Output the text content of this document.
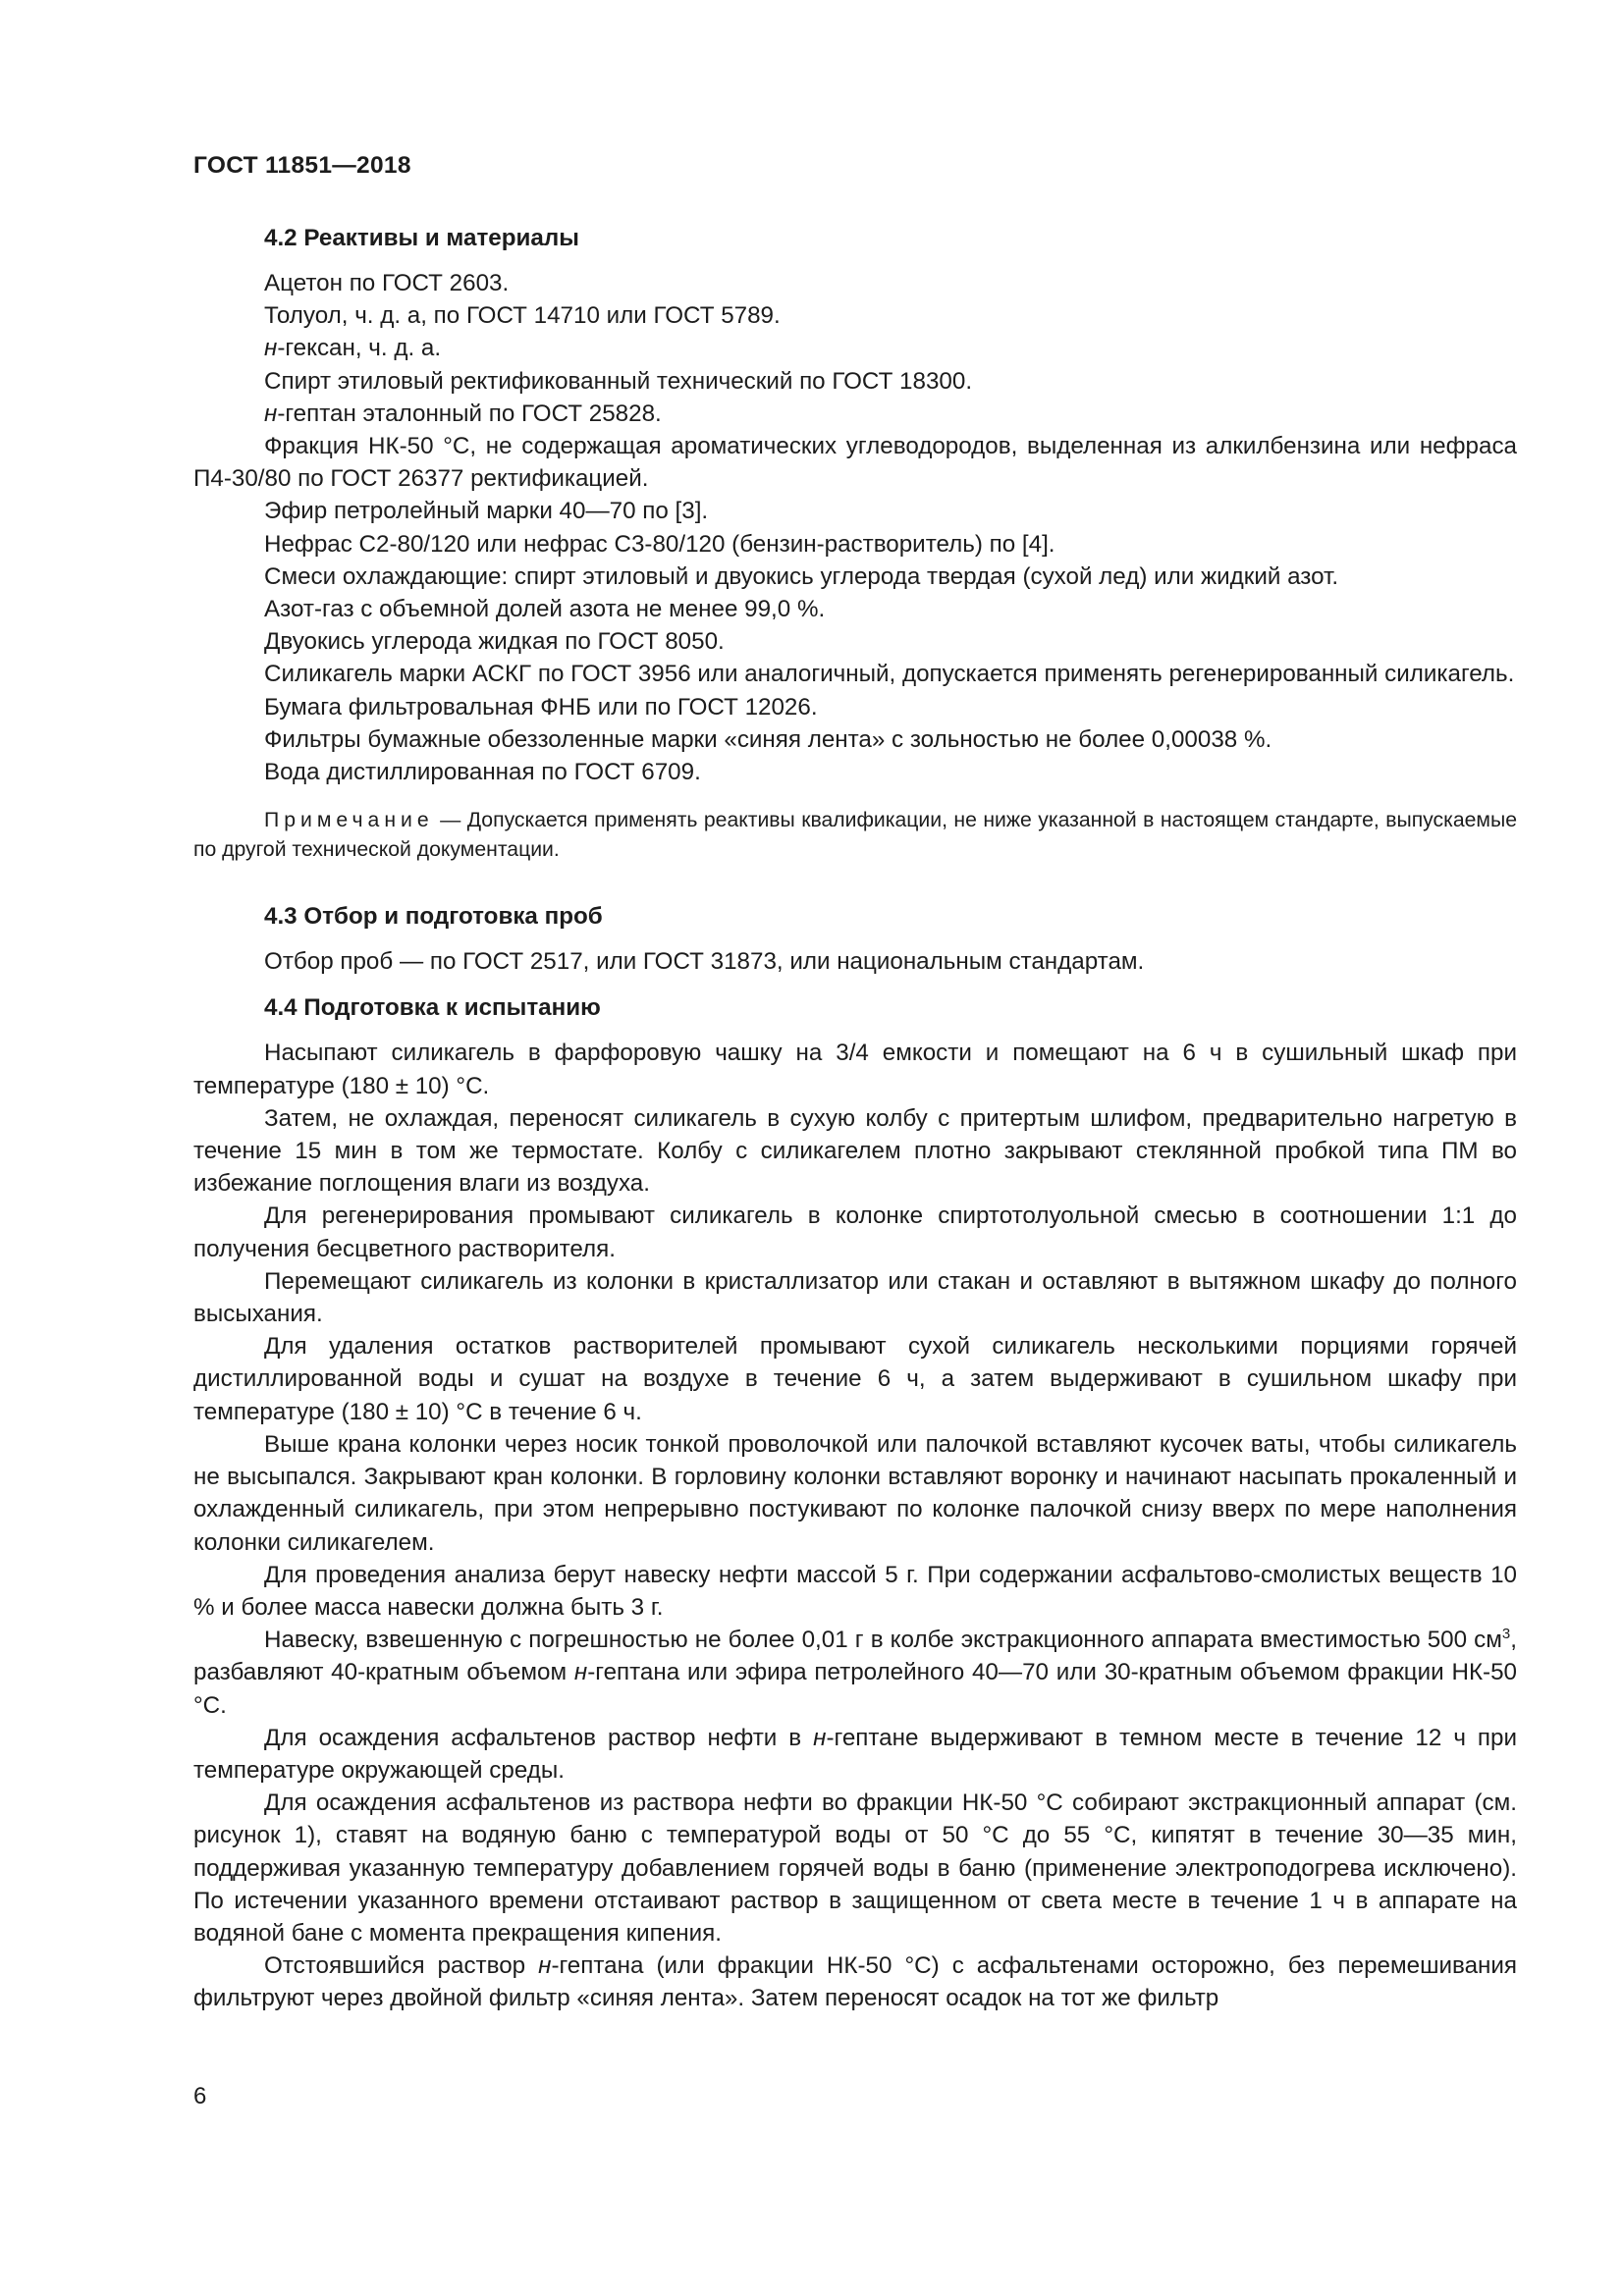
ГОСТ 11851—2018
4.2 Реактивы и материалы

Ацетон по ГОСТ 2603.

Толуол, ч. д. а, по ГОСТ 14710 или ГОСТ 5789.

н-гексан, ч. д. а.

Спирт этиловый ректификованный технический по ГОСТ 18300.

н-гептан эталонный по ГОСТ 25828.

Фракция НК-50 °С, не содержащая ароматических углеводородов, выделенная из алкилбензина или нефраса П4-30/80 по ГОСТ 26377 ректификацией.

Эфир петролейный марки 40—70 по [3].

Нефрас С2-80/120 или нефрас С3-80/120 (бензин-растворитель) по [4].

Смеси охлаждающие: спирт этиловый и двуокись углерода твердая (сухой лед) или жидкий азот.

Азот-газ с объемной долей азота не менее 99,0 %.

Двуокись углерода жидкая по ГОСТ 8050.

Силикагель марки АСКГ по ГОСТ 3956 или аналогичный, допускается применять регенерированный силикагель.

Бумага фильтровальная ФНБ или по ГОСТ 12026.

Фильтры бумажные обеззоленные марки «синяя лента» с зольностью не более 0,00038 %.

Вода дистиллированная по ГОСТ 6709.

Примечание — Допускается применять реактивы квалификации, не ниже указанной в настоящем стандарте, выпускаемые по другой технической документации.

4.3 Отбор и подготовка проб

Отбор проб — по ГОСТ 2517, или ГОСТ 31873, или национальным стандартам.

4.4 Подготовка к испытанию

Насыпают силикагель в фарфоровую чашку на 3/4 емкости и помещают на 6 ч в сушильный шкаф при температуре (180 ± 10) °С.

Затем, не охлаждая, переносят силикагель в сухую колбу с притертым шлифом, предварительно нагретую в течение 15 мин в том же термостате. Колбу с силикагелем плотно закрывают стеклянной пробкой типа ПМ во избежание поглощения влаги из воздуха.

Для регенерирования промывают силикагель в колонке спиртотолуольной смесью в соотношении 1:1 до получения бесцветного растворителя.

Перемещают силикагель из колонки в кристаллизатор или стакан и оставляют в вытяжном шкафу до полного высыхания.

Для удаления остатков растворителей промывают сухой силикагель несколькими порциями горячей дистиллированной воды и сушат на воздухе в течение 6 ч, а затем выдерживают в сушильном шкафу при температуре (180 ± 10) °С в течение 6 ч.

Выше крана колонки через носик тонкой проволочкой или палочкой вставляют кусочек ваты, чтобы силикагель не высыпался. Закрывают кран колонки. В горловину колонки вставляют воронку и начинают насыпать прокаленный и охлажденный силикагель, при этом непрерывно постукивают по колонке палочкой снизу вверх по мере наполнения колонки силикагелем.

Для проведения анализа берут навеску нефти массой 5 г. При содержании асфальтово-смолистых веществ 10 % и более масса навески должна быть 3 г.

Навеску, взвешенную с погрешностью не более 0,01 г в колбе экстракционного аппарата вместимостью 500 $см^3$, разбавляют 40-кратным объемом н-гептана или эфира петролейного 40—70 или 30-кратным объемом фракции НК-50 °С.

Для осаждения асфальтенов раствор нефти в н-гептане выдерживают в темном месте в течение 12 ч при температуре окружающей среды.

Для осаждения асфальтенов из раствора нефти во фракции НК-50 °С собирают экстракционный аппарат (см. рисунок 1), ставят на водяную баню с температурой воды от 50 °С до 55 °С, кипятят в течение 30—35 мин, поддерживая указанную температуру добавлением горячей воды в баню (применение электроподогрева исключено). По истечении указанного времени отстаивают раствор в защищенном от света месте в течение 1 ч в аппарате на водяной бане с момента прекращения кипения.

Отстоявшийся раствор н-гептана (или фракции НК-50 °С) с асфальтенами осторожно, без перемешивания фильтруют через двойной фильтр «синяя лента». Затем переносят осадок на тот же фильтр

6
